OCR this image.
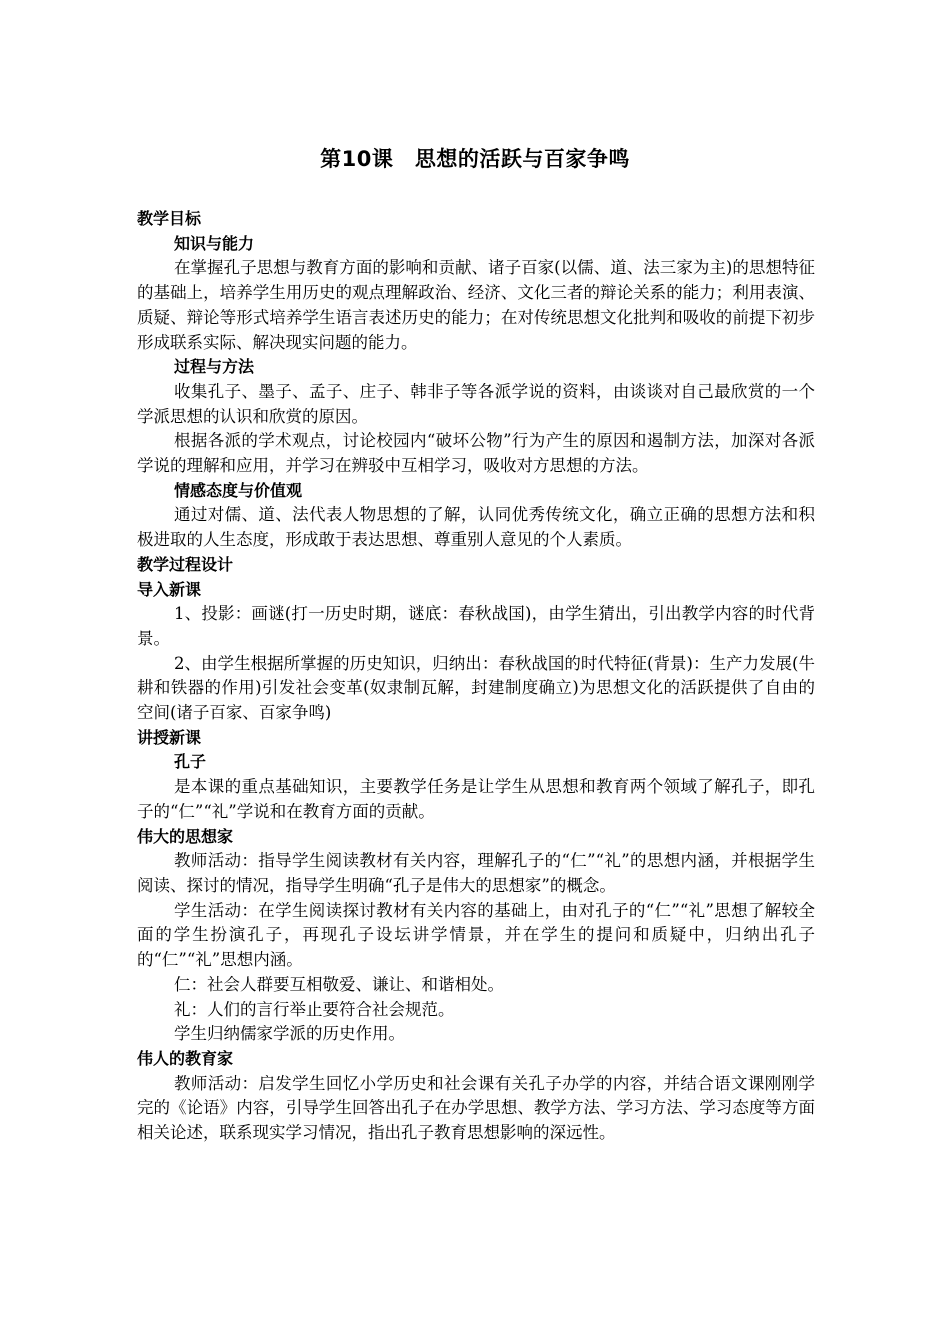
第10课　思想的活跃与百家争鸣
教学目标
知识与能力
在掌握孔子思想与教育方面的影响和贡献、诸子百家(以儒、道、法三家为主)的思想特征的基础上，培养学生用历史的观点理解政治、经济、文化三者的辩论关系的能力；利用表演、质疑、辩论等形式培养学生语言表述历史的能力；在对传统思想文化批判和吸收的前提下初步形成联系实际、解决现实问题的能力。
过程与方法
收集孔子、墨子、孟子、庄子、韩非子等各派学说的资料，由谈谈对自己最欣赏的一个学派思想的认识和欣赏的原因。
根据各派的学术观点，讨论校园内“破坏公物”行为产生的原因和遏制方法，加深对各派学说的理解和应用，并学习在辨驳中互相学习，吸收对方思想的方法。
情感态度与价值观
通过对儒、道、法代表人物思想的了解，认同优秀传统文化，确立正确的思想方法和积极进取的人生态度，形成敢于表达思想、尊重别人意见的个人素质。
教学过程设计
导入新课
1、投影：画谜(打一历史时期，谜底：春秋战国)，由学生猜出，引出教学内容的时代背景。
2、由学生根据所掌握的历史知识，归纳出：春秋战国的时代特征(背景)：生产力发展(牛耕和铁器的作用)引发社会变革(奴隶制瓦解，封建制度确立)为思想文化的活跃提供了自由的空间(诸子百家、百家争鸣)
讲授新课
孔子
是本课的重点基础知识，主要教学任务是让学生从思想和教育两个领域了解孔子，即孔子的“仁”“礼”学说和在教育方面的贡献。
伟大的思想家
教师活动：指导学生阅读教材有关内容，理解孔子的“仁”“礼”的思想内涵，并根据学生阅读、探讨的情况，指导学生明确“孔子是伟大的思想家”的概念。
学生活动：在学生阅读探讨教材有关内容的基础上，由对孔子的“仁”“礼”思想了解较全面的学生扮演孔子，再现孔子设坛讲学情景，并在学生的提问和质疑中，归纳出孔子的“仁”“礼”思想内涵。
仁：社会人群要互相敬爱、谦让、和谐相处。
礼：人们的言行举止要符合社会规范。
学生归纳儒家学派的历史作用。
伟人的教育家
教师活动：启发学生回忆小学历史和社会课有关孔子办学的内容，并结合语文课刚刚学完的《论语》内容，引导学生回答出孔子在办学思想、教学方法、学习方法、学习态度等方面相关论述，联系现实学习情况，指出孔子教育思想影响的深远性。
